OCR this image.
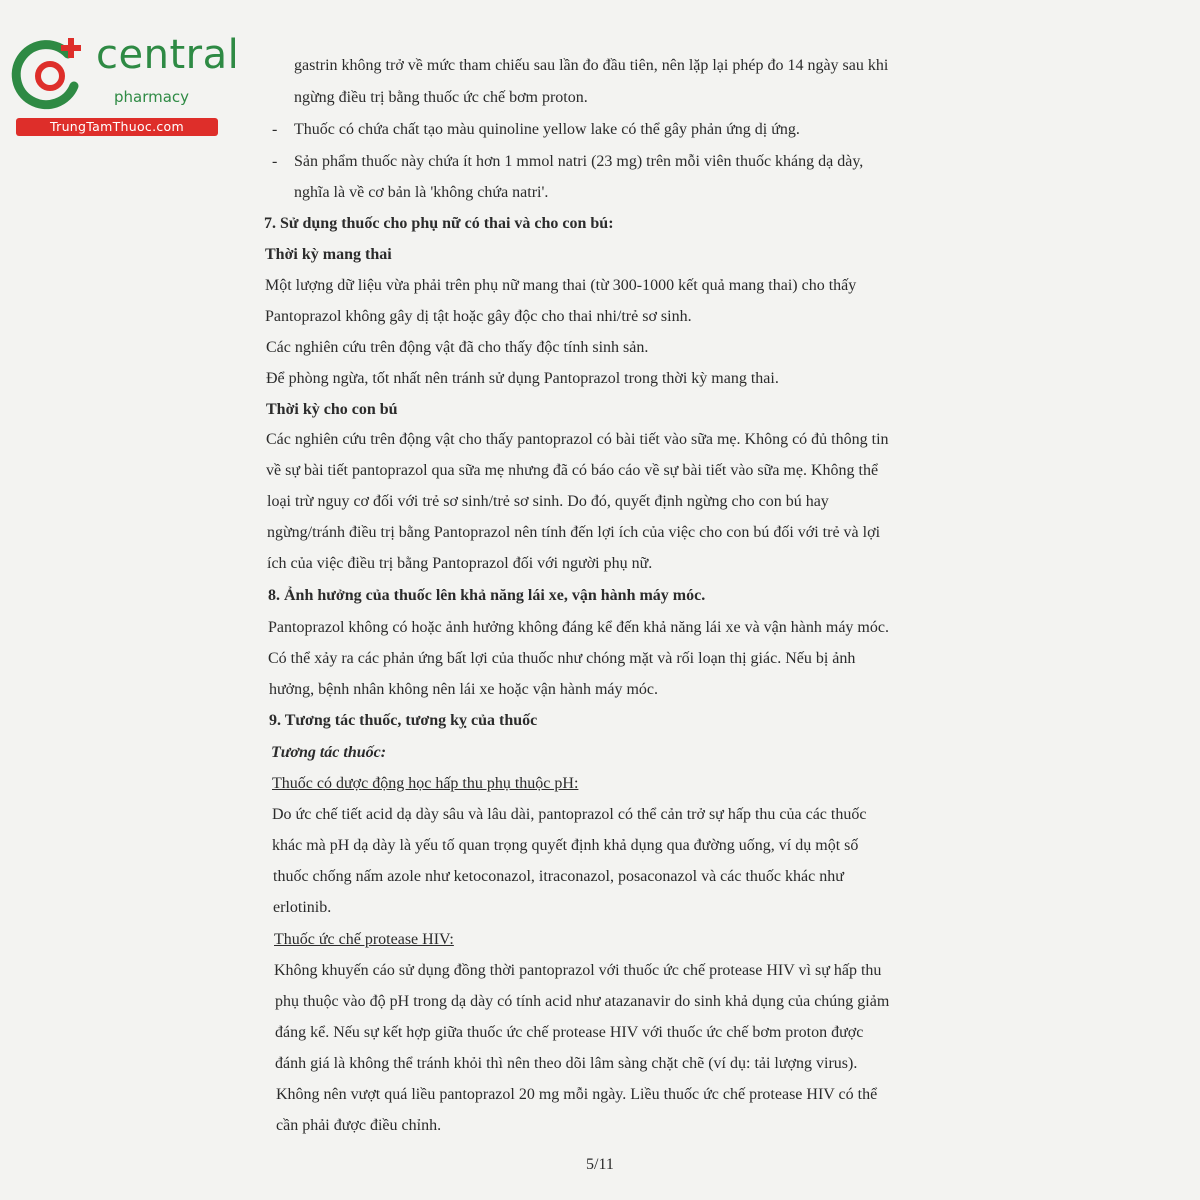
central
pharmacy
TrungTamThuoc.com	-
-
gastrin không trở về mức tham chiếu sau lần đo đầu tiên, nên lặp lại phép đo 14 ngày sau khi
ngừng điều trị bằng thuốc ức chế bơm proton.
Thuốc có chứa chất tạo màu quinoline yellow lake có thể gây phản ứng dị ứng.
Sản phẩm thuốc này chứa ít hơn 1 mmol natri (23 mg) trên mỗi viên thuốc kháng dạ dày,
nghĩa là về cơ bản là 'không chứa natri'.
7. Sử dụng thuốc cho phụ nữ có thai và cho con bú:
Thời kỳ mang thai
Một lượng dữ liệu vừa phải trên phụ nữ mang thai (từ 300-1000 kết quả mang thai) cho thấy
Pantoprazol không gây dị tật hoặc gây độc cho thai nhi/trẻ sơ sinh.
Các nghiên cứu trên động vật đã cho thấy độc tính sinh sản.
Để phòng ngừa, tốt nhất nên tránh sử dụng Pantoprazol trong thời kỳ mang thai.
Thời kỳ cho con bú
Các nghiên cứu trên động vật cho thấy pantoprazol có bài tiết vào sữa mẹ. Không có đủ thông tin
về sự bài tiết pantoprazol qua sữa mẹ nhưng đã có báo cáo về sự bài tiết vào sữa mẹ. Không thể
loại trừ nguy cơ đối với trẻ sơ sinh/trẻ sơ sinh. Do đó, quyết định ngừng cho con bú hay
ngừng/tránh điều trị bằng Pantoprazol nên tính đến lợi ích của việc cho con bú đối với trẻ và lợi
ích của việc điều trị bằng Pantoprazol đối với người phụ nữ.
8. Ảnh hưởng của thuốc lên khả năng lái xe, vận hành máy móc.
Pantoprazol không có hoặc ảnh hưởng không đáng kể đến khả năng lái xe và vận hành máy móc.
Có thể xảy ra các phản ứng bất lợi của thuốc như chóng mặt và rối loạn thị giác. Nếu bị ảnh
hưởng, bệnh nhân không nên lái xe hoặc vận hành máy móc.
9. Tương tác thuốc, tương kỵ của thuốc
Tương tác thuốc:
Thuốc có dược động học hấp thu phụ thuộc pH:
Do ức chế tiết acid dạ dày sâu và lâu dài, pantoprazol có thể cản trở sự hấp thu của các thuốc
khác mà pH dạ dày là yếu tố quan trọng quyết định khả dụng qua đường uống, ví dụ một số
thuốc chống nấm azole như ketoconazol, itraconazol, posaconazol và các thuốc khác như
erlotinib.
Thuốc ức chế protease HIV:
Không khuyến cáo sử dụng đồng thời pantoprazol với thuốc ức chế protease HIV vì sự hấp thu
phụ thuộc vào độ pH trong dạ dày có tính acid như atazanavir do sinh khả dụng của chúng giảm
đáng kể. Nếu sự kết hợp giữa thuốc ức chế protease HIV với thuốc ức chế bơm proton được
đánh giá là không thể tránh khỏi thì nên theo dõi lâm sàng chặt chẽ (ví dụ: tải lượng virus).
Không nên vượt quá liều pantoprazol 20 mg mỗi ngày. Liều thuốc ức chế protease HIV có thể
cần phải được điều chỉnh.
5/11
